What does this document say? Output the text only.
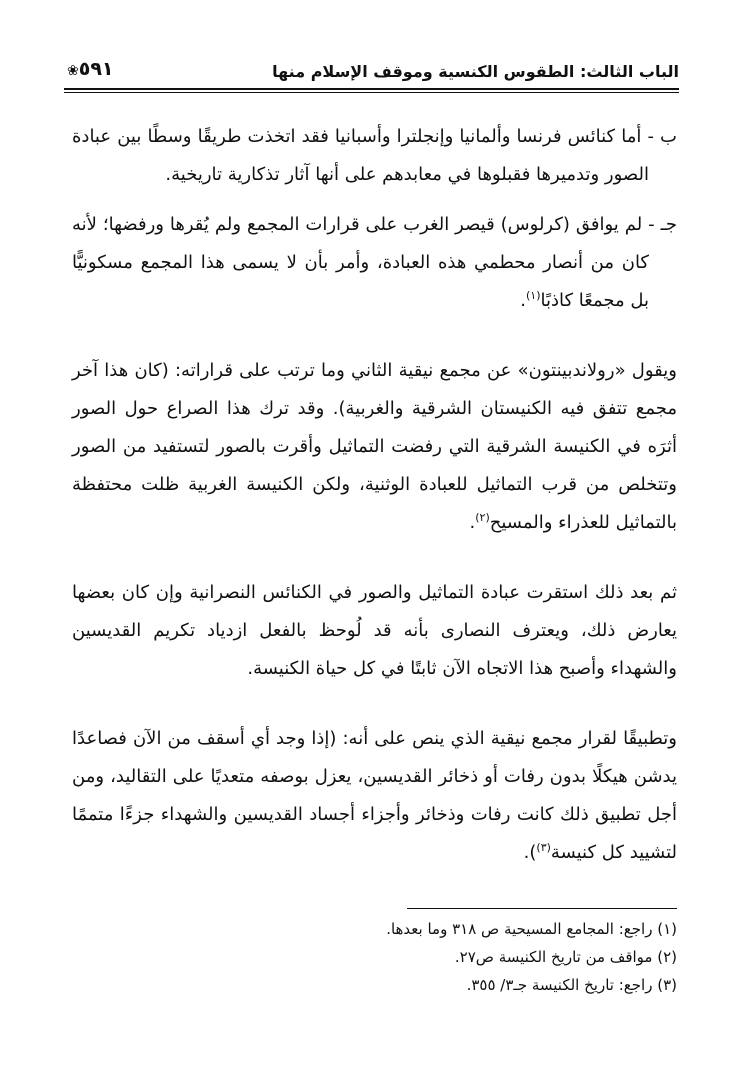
الباب الثالث: الطقوس الكنسية وموقف الإسلام منها
٥٩١❀

ب - أما كنائس فرنسا وألمانيا وإنجلترا وأسبانيا فقد اتخذت طريقًا وسطًا بين عبادة الصور وتدميرها فقبلوها في معابدهم على أنها آثار تذكارية تاريخية.

جـ - لم يوافق (كرلوس) قيصر الغرب على قرارات المجمع ولم يُقرها ورفضها؛ لأنه كان من أنصار محطمي هذه العبادة، وأمر بأن لا يسمى هذا المجمع مسكونيًّا بل مجمعًا كاذبًا$^{(١)}$.

ويقول «رولاندبينتون» عن مجمع نيقية الثاني وما ترتب على قراراته: (كان هذا آخر مجمع تتفق فيه الكنيستان الشرقية والغربية). وقد ترك هذا الصراع حول الصور أثرَه في الكنيسة الشرقية التي رفضت التماثيل وأقرت بالصور لتستفيد من الصور وتتخلص من قرب التماثيل للعبادة الوثنية، ولكن الكنيسة الغربية ظلت محتفظة بالتماثيل للعذراء والمسيح$^{(٢)}$.

ثم بعد ذلك استقرت عبادة التماثيل والصور في الكنائس النصرانية وإن كان بعضها يعارض ذلك، ويعترف النصارى بأنه قد لُوحظ بالفعل ازدياد تكريم القديسين والشهداء وأصبح هذا الاتجاه الآن ثابتًا في كل حياة الكنيسة.

وتطبيقًا لقرار مجمع نيقية الذي ينص على أنه: (إذا وجد أي أسقف من الآن فصاعدًا يدشن هيكلًا بدون رفات أو ذخائر القديسين، يعزل بوصفه متعديًا على التقاليد، ومن أجل تطبيق ذلك كانت رفات وذخائر وأجزاء أجساد القديسين والشهداء جزءًا متممًا لتشييد كل كنيسة$^{(٣)}$).

(١) راجع: المجامع المسيحية ص ٣١٨ وما بعدها.

(٢) مواقف من تاريخ الكنيسة ص٢٧.

(٣) راجع: تاريخ الكنيسة جـ٣/ ٣٥٥.
